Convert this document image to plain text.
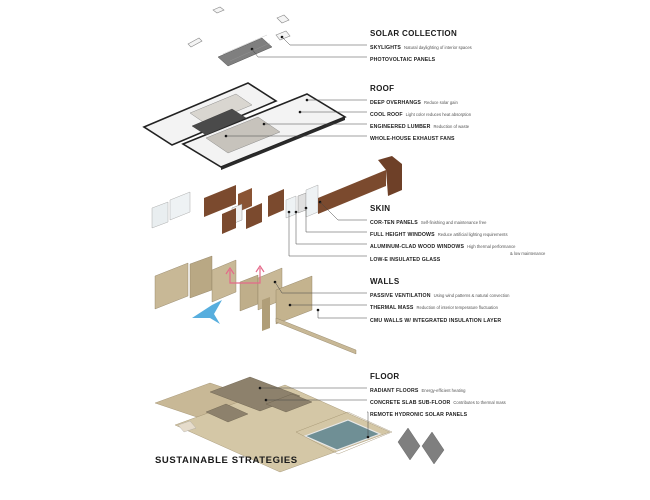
SOLAR COLLECTION
SKYLIGHTS Natural daylighting of interior spaces
PHOTOVOLTAIC PANELS
ROOF
DEEP OVERHANGS Reduce solar gain
COOL ROOF Light color reduces heat absorption
ENGINEERED LUMBER Reduction of waste
WHOLE-HOUSE EXHAUST FANS
SKIN
COR-TEN PANELS Self-finishing and maintenance free
FULL HEIGHT WINDOWS Reduce artificial lighting requirements
ALUMINUM-CLAD WOOD WINDOWS High thermal performance
& low maintenance
LOW-E INSULATED GLASS
WALLS
PASSIVE VENTILATION Using wind patterns & natural convection
THERMAL MASS Reduction of interior temperature fluctuation
CMU WALLS W/ INTEGRATED INSULATION LAYER
FLOOR
RADIANT FLOORS Energy-efficient heating
CONCRETE SLAB SUB-FLOOR Contributes to thermal mass
REMOTE HYDRONIC SOLAR PANELS
SUSTAINABLE STRATEGIES
